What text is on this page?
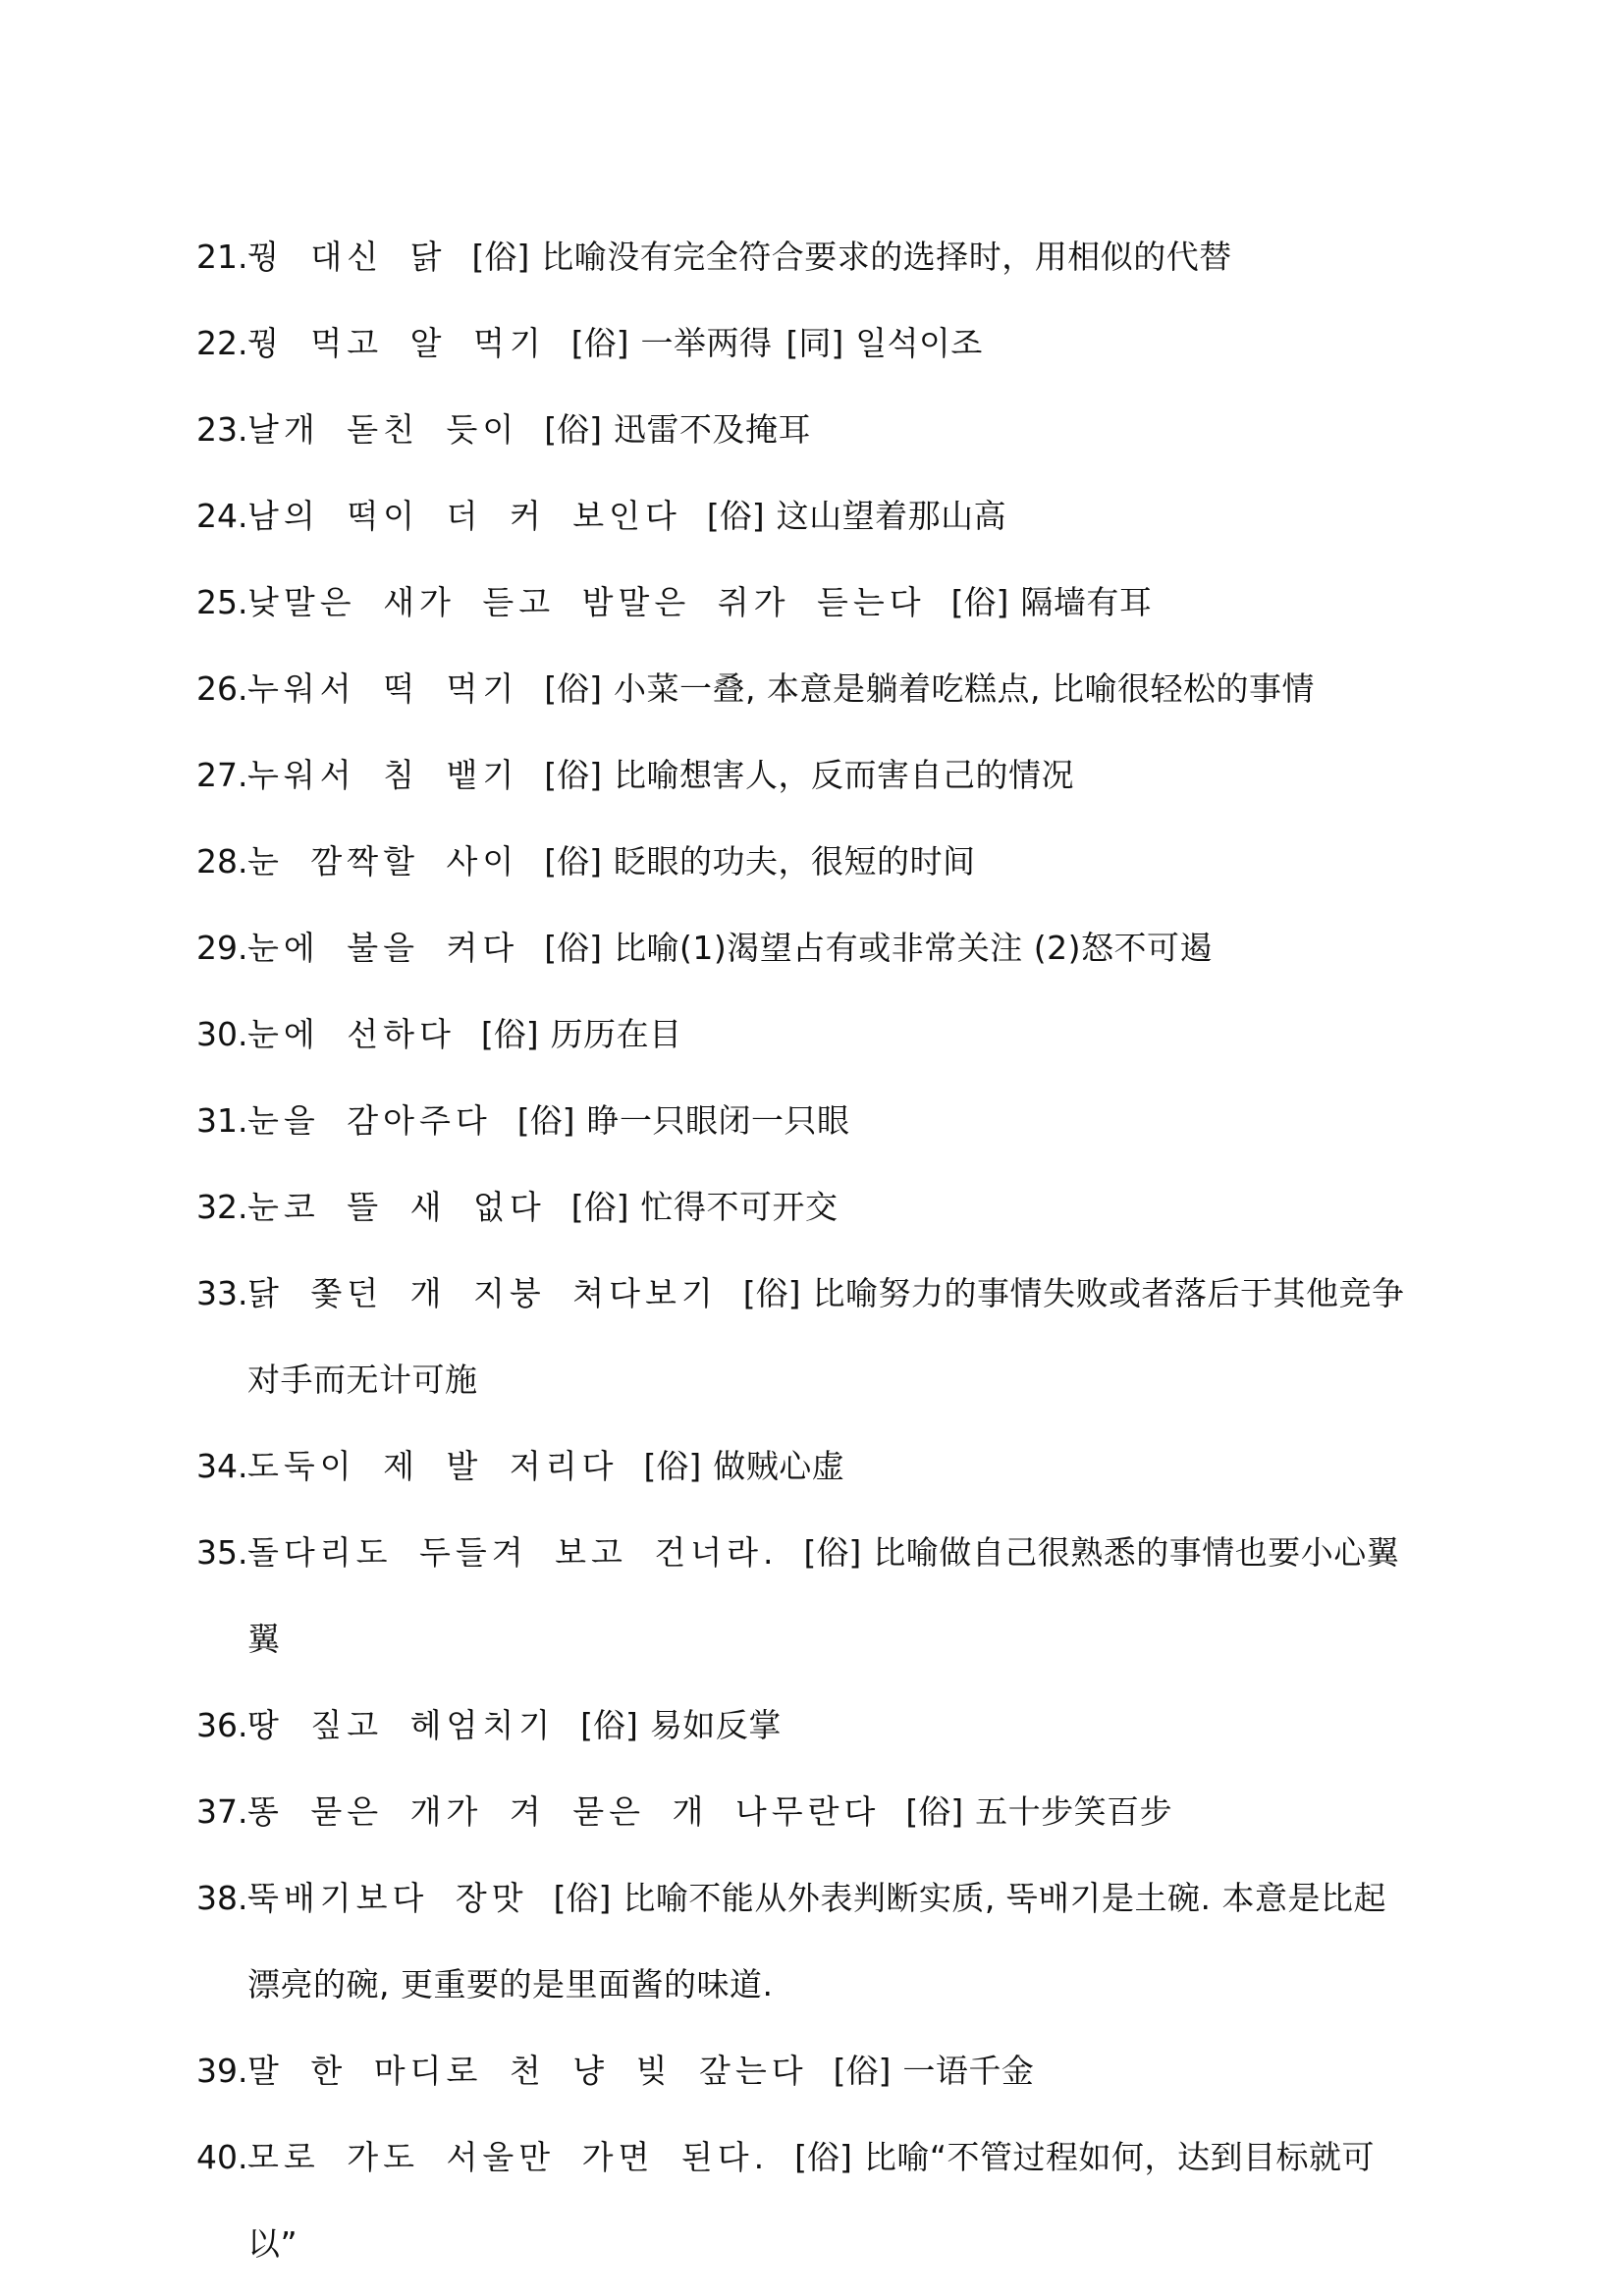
21. 꿩 대신 닭 [俗] 比喻没有完全符合要求的选择时，用相似的代替
22. 꿩 먹고 알 먹기 [俗] 一举两得 [同] 일석이조
23. 날개 돋친 듯이 [俗] 迅雷不及掩耳
24. 남의 떡이 더 커 보인다 [俗] 这山望着那山高
25. 낮말은 새가 듣고 밤말은 쥐가 듣는다 [俗] 隔墙有耳
26. 누워서 떡 먹기 [俗] 小菜一叠, 本意是躺着吃糕点, 比喻很轻松的事情
27. 누워서 침 뱉기 [俗] 比喻想害人，反而害自己的情况
28. 눈 깜짝할 사이 [俗] 眨眼的功夫，很短的时间
29. 눈에 불을 켜다 [俗] 比喻(1)渴望占有或非常关注 (2)怒不可遏
30. 눈에 선하다 [俗] 历历在目
31. 눈을 감아주다 [俗] 睁一只眼闭一只眼
32. 눈코 뜰 새 없다 [俗] 忙得不可开交
33. 닭 쫓던 개 지붕 쳐다보기 [俗] 比喻努力的事情失败或者落后于其他竞争对手而无计可施
34. 도둑이 제 발 저리다 [俗] 做贼心虚
35. 돌다리도 두들겨 보고 건너라. [俗] 比喻做自己很熟悉的事情也要小心翼翼
36. 땅 짚고 헤엄치기 [俗] 易如反掌
37. 똥 묻은 개가 겨 묻은 개 나무란다 [俗] 五十步笑百步
38. 뚝배기보다 장맛 [俗] 比喻不能从外表判断实质, 뚝배기是土碗. 本意是比起漂亮的碗, 更重要的是里面酱的味道.
39. 말 한 마디로 천 냥 빚 갚는다 [俗] 一语千金
40. 모로 가도 서울만 가면 된다. [俗] 比喻“不管过程如何，达到目标就可以”
